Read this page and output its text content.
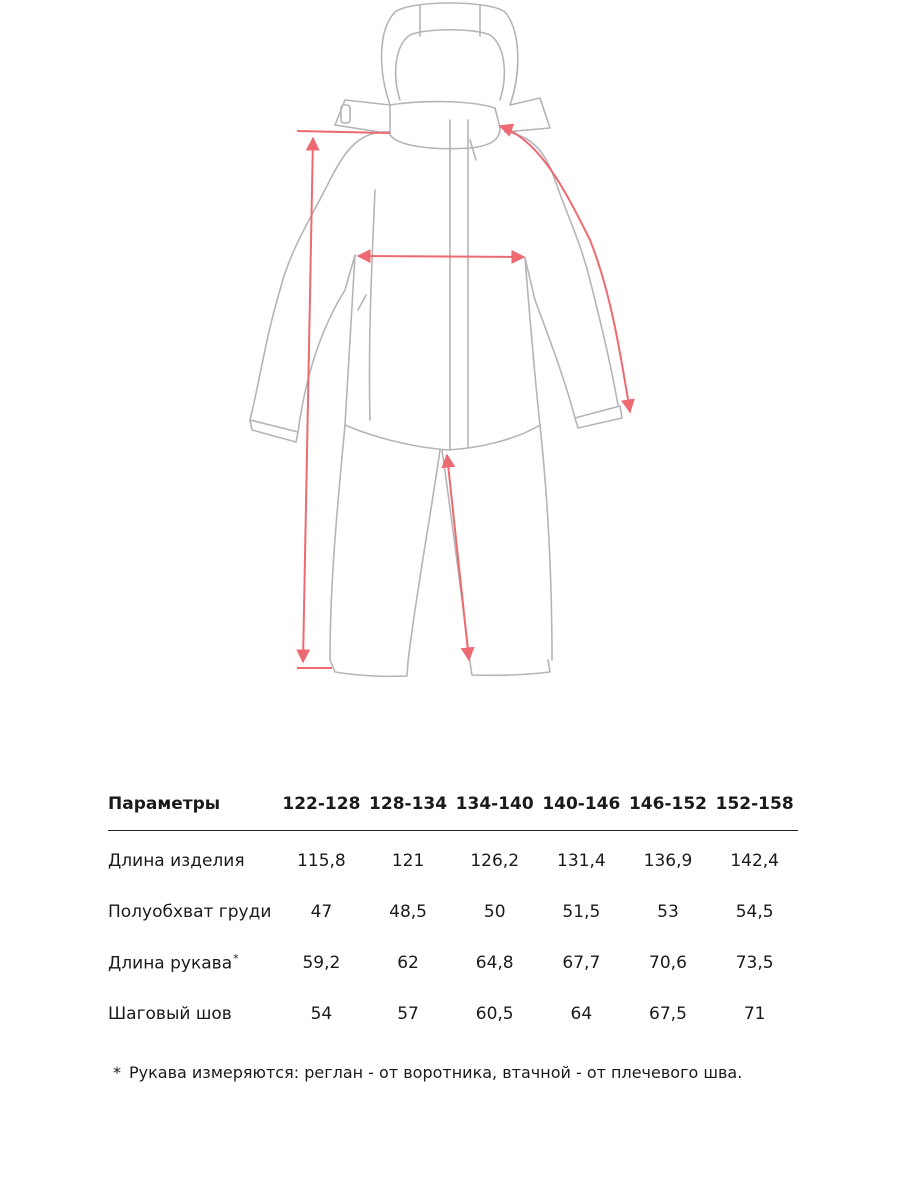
Параметры	122-128	128-134	134-140	140-146	146-152	152-158
Длина изделия	115,8	121	126,2	131,4	136,9	142,4
Полуобхват груди	47	48,5	50	51,5	53	54,5
Длина рукава*	59,2	62	64,8	67,7	70,6	73,5
Шаговый шов	54	57	60,5	64	67,5	71
* Рукава измеряются: реглан - от воротника, втачной - от плечевого шва.
